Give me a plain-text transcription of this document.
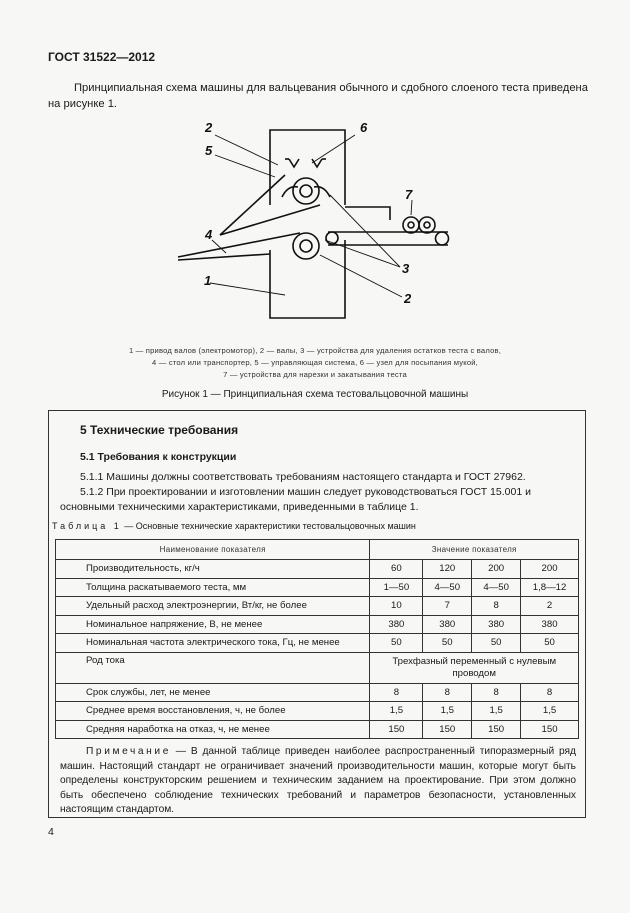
ГОСТ 31522—2012
Принципиальная схема машины для вальцевания обычного и сдобного слоеного теста приведена на рисунке 1.
2
5
6
7
4
3
1
2
1 — привод валов (электромотор), 2 — валы, 3 — устройства для удаления остатков теста с валов,
4 — стол или транспортер, 5 — управляющая система, 6 — узел для посыпания мукой,
7 — устройства для нарезки и закатывания теста
Рисунок 1 — Принципиальная схема тестовальцовочной машины
5 Технические требования
5.1 Требования к конструкции
5.1.1 Машины должны соответствовать требованиям настоящего стандарта и ГОСТ 27962.
5.1.2 При проектировании и изготовлении машин следует руководствоваться ГОСТ 15.001 и основными техническими характеристиками, приведенными в таблице 1.
Таблица 1 — Основные технические характеристики тестовальцовочных машин
Наименование показателя	Значение показателя			
Производительность, кг/ч	60	120	200	200
Толщина раскатываемого теста, мм	1—50	4—50	4—50	1,8—12
Удельный расход электроэнергии, Вт/кг, не более	10	7	8	2
Номинальное напряжение, В, не менее	380	380	380	380
Номинальная частота электрического тока, Гц, не менее	50	50	50	50
Род тока	Трехфазный переменный с нулевым проводом			
Срок службы, лет, не менее	8	8	8	8
Среднее время восстановления, ч, не более	1,5	1,5	1,5	1,5
Средняя наработка на отказ, ч, не менее	150	150	150	150
Примечание — В данной таблице приведен наиболее распространенный типоразмерный ряд машин. Настоящий стандарт не ограничивает значений производительности машин, которые могут быть определены конструкторским решением и техническим заданием на проектирование. При этом должно быть обеспечено соблюдение технических требований и параметров безопасности, установленных настоящим стандартом.
4
